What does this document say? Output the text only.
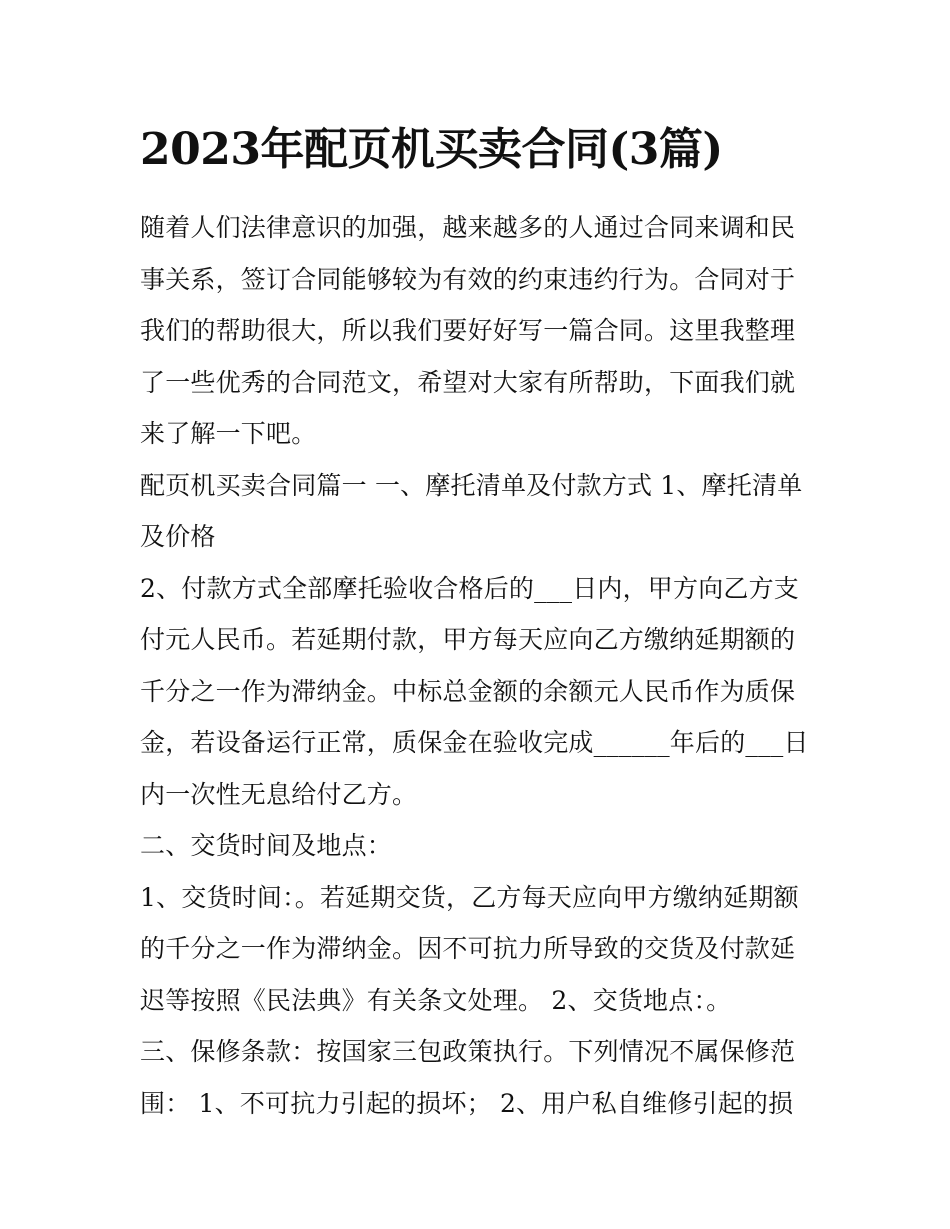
2023年配页机买卖合同(3篇)

随着人们法律意识的加强，越来越多的人通过合同来调和民事关系，签订合同能够较为有效的约束违约行为。合同对于我们的帮助很大，所以我们要好好写一篇合同。这里我整理了一些优秀的合同范文，希望对大家有所帮助，下面我们就来了解一下吧。

配页机买卖合同篇一 一、摩托清单及付款方式 1、摩托清单及价格

2、付款方式全部摩托验收合格后的___日内，甲方向乙方支付元人民币。若延期付款，甲方每天应向乙方缴纳延期额的千分之一作为滞纳金。中标总金额的余额元人民币作为质保金，若设备运行正常，质保金在验收完成______年后的___日内一次性无息给付乙方。

二、交货时间及地点：

1、交货时间：。若延期交货，乙方每天应向甲方缴纳延期额的千分之一作为滞纳金。因不可抗力所导致的交货及付款延迟等按照《民法典》有关条文处理。 2、交货地点：。

三、保修条款：按国家三包政策执行。下列情况不属保修范围： 1、不可抗力引起的损坏； 2、用户私自维修引起的损
